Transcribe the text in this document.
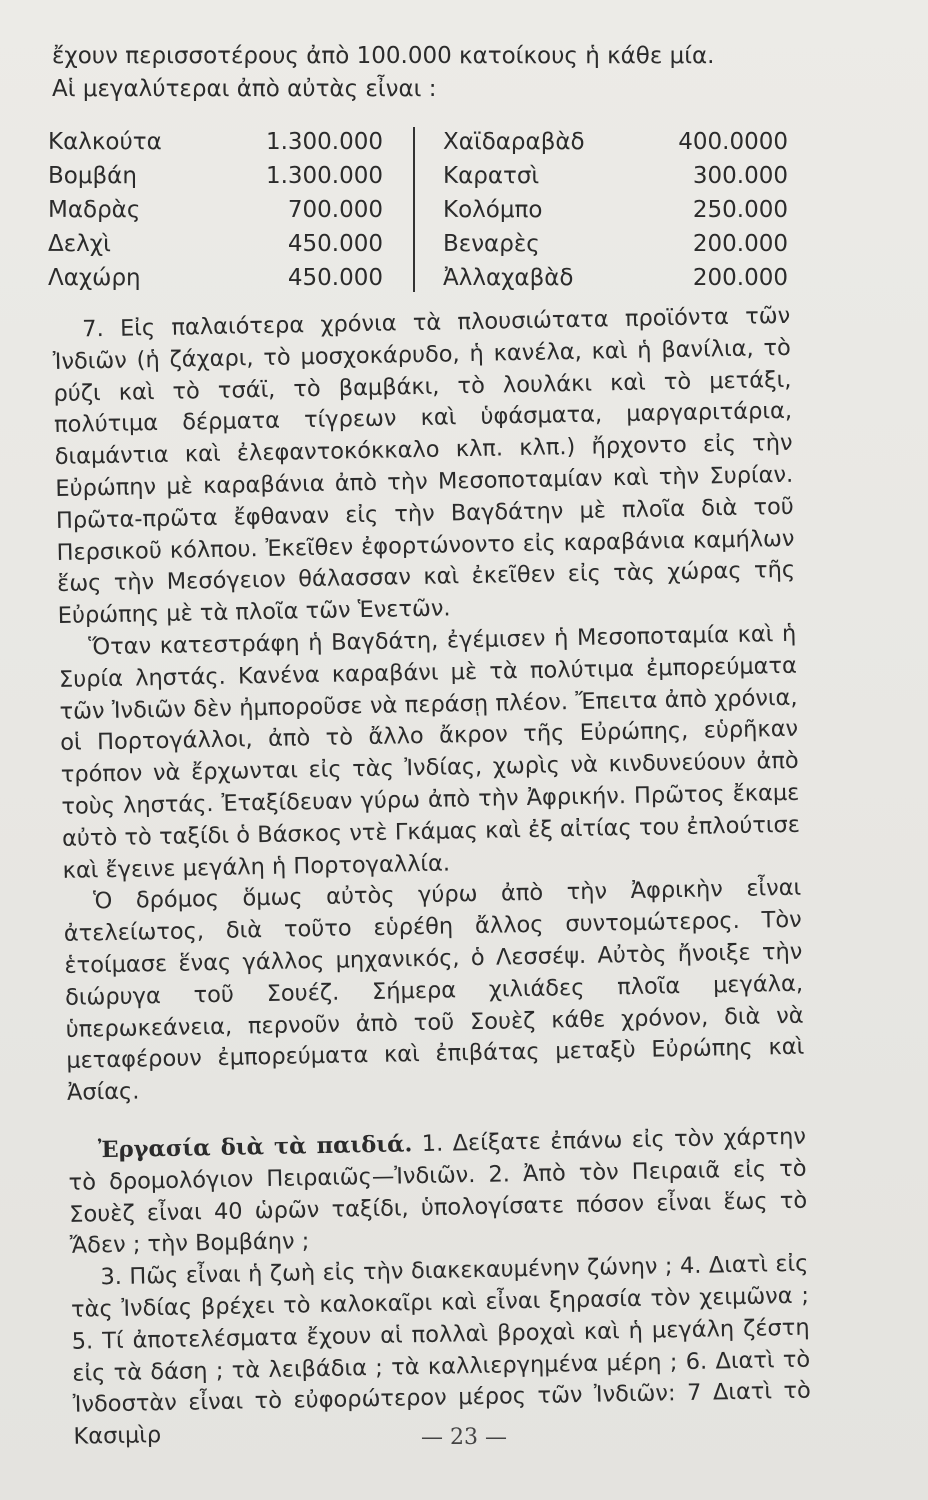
ἔχουν περισσοτέρους ἀπὸ 100.000 κατοίκους ἡ κάθε μία.

Αἱ μεγαλύτεραι ἀπὸ αὐτὰς εἶναι :

Καλκούτα	1.300.000
Βομβάη	1.300.000
Μαδρὰς	700.000
Δελχὶ	450.000
Λαχώρη	450.000
Χαϊδαραβὰδ	400.0000
Καρατσὶ	300.000
Κολόμπο	250.000
Βεναρὲς	200.000
Ἀλλαχαβὰδ	200.000

7. Εἰς παλαιότερα χρόνια τὰ πλουσιώτατα προϊόντα τῶν Ἰνδιῶν (ἡ ζάχαρι, τὸ μοσχοκάρυδο, ἡ κανέλα, καὶ ἡ βανίλια, τὸ ρύζι καὶ τὸ τσάϊ, τὸ βαμβάκι, τὸ λουλάκι καὶ τὸ μετάξι, πολύτιμα δέρματα τίγρεων καὶ ὑφάσματα, μαργαριτάρια, διαμάντια καὶ ἐλεφαντοκόκκαλο κλπ. κλπ.) ἤρχοντο εἰς τὴν Εὐρώπην μὲ καραβάνια ἀπὸ τὴν Μεσοποταμίαν καὶ τὴν Συρίαν. Πρῶτα-πρῶτα ἔφθαναν εἰς τὴν Βαγδάτην μὲ πλοῖα διὰ τοῦ Περσικοῦ κόλπου. Ἐκεῖθεν ἐφορτώνοντο εἰς καραβάνια καμήλων ἕως τὴν Μεσόγειον θάλασσαν καὶ ἐκεῖθεν εἰς τὰς χώρας τῆς Εὐρώπης μὲ τὰ πλοῖα τῶν Ἑνετῶν.

Ὅταν κατεστράφη ἡ Βαγδάτη, ἐγέμισεν ἡ Μεσοποταμία καὶ ἡ Συρία ληστάς. Κανένα καραβάνι μὲ τὰ πολύτιμα ἐμπορεύματα τῶν Ἰνδιῶν δὲν ἠμποροῦσε νὰ περάσῃ πλέον. Ἔπειτα ἀπὸ χρόνια, οἱ Πορτογάλλοι, ἀπὸ τὸ ἄλλο ἄκρον τῆς Εὐρώπης, εὑρῆκαν τρόπον νὰ ἔρχωνται εἰς τὰς Ἰνδίας, χωρὶς νὰ κινδυνεύουν ἀπὸ τοὺς ληστάς. Ἐταξίδευαν γύρω ἀπὸ τὴν Ἀφρικήν. Πρῶτος ἔκαμε αὐτὸ τὸ ταξίδι ὁ Βάσκος ντὲ Γκάμας καὶ ἐξ αἰτίας του ἐπλούτισε καὶ ἔγεινε μεγάλη ἡ Πορτογαλλία.

Ὁ δρόμος ὅμως αὐτὸς γύρω ἀπὸ τὴν Ἀφρικὴν εἶναι ἀτελείωτος, διὰ τοῦτο εὑρέθη ἄλλος συντομώτερος. Τὸν ἑτοίμασε ἕνας γάλλος μηχανικός, ὁ Λεσσέψ. Αὐτὸς ἤνοιξε τὴν διώρυγα τοῦ Σουέζ. Σήμερα χιλιάδες πλοῖα μεγάλα, ὑπερωκεάνεια, περνοῦν ἀπὸ τοῦ Σουὲζ κάθε χρόνον, διὰ νὰ μεταφέρουν ἐμπορεύματα καὶ ἐπιβάτας μεταξὺ Εὐρώπης καὶ Ἀσίας.

Ἐργασία διὰ τὰ παιδιά. 1. Δείξατε ἐπάνω εἰς τὸν χάρτην τὸ δρομολόγιον Πειραιῶς—Ἰνδιῶν. 2. Ἀπὸ τὸν Πειραιᾶ εἰς τὸ Σουὲζ εἶναι 40 ὡρῶν ταξίδι, ὑπολογίσατε πόσον εἶναι ἕως τὸ Ἄδεν ; τὴν Βομβάην ;

3. Πῶς εἶναι ἡ ζωὴ εἰς τὴν διακεκαυμένην ζώνην ; 4. Διατὶ εἰς τὰς Ἰνδίας βρέχει τὸ καλοκαῖρι καὶ εἶναι ξηρασία τὸν χειμῶνα ; 5. Τί ἀποτελέσματα ἔχουν αἱ πολλαὶ βροχαὶ καὶ ἡ μεγάλη ζέστη εἰς τὰ δάση ; τὰ λειβάδια ; τὰ καλλιεργημένα μέρη ; 6. Διατὶ τὸ Ἰνδοστὰν εἶναι τὸ εὐφορώτερον μέρος τῶν Ἰνδιῶν: 7 Διατὶ τὸ Κασιμὶρ	— 23 —
